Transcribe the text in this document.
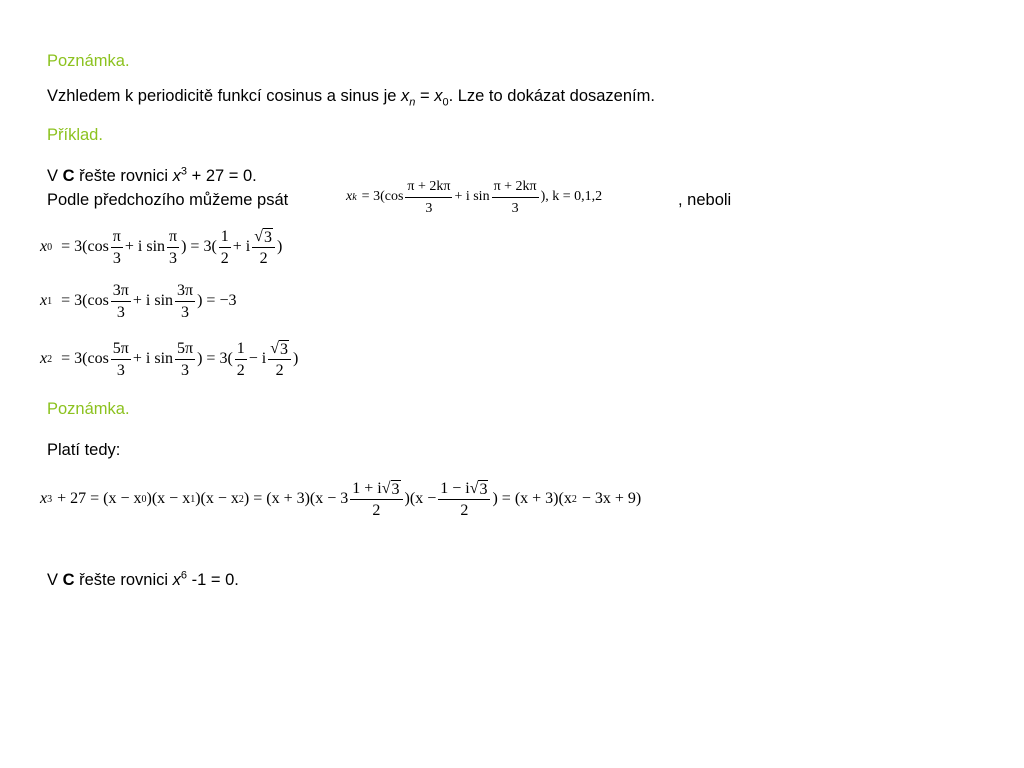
Poznámka.
Vzhledem k periodicitě funkcí cosinus a sinus je $x_n = x_0$. Lze to dokázat dosazením.
Příklad.
V C řešte rovnici $x^3 + 27 = 0$.
Podle předchozího můžeme psát	x $k = 3(\cos \frac{\pi + 2k\pi}{3} + i$ $\sin \frac{\pi + 2k\pi}{3}$ ), k = 0,1,2	, neboli
x $0 = 3(\cos \frac{\pi}{3} + i$ $\sin \frac{\pi}{3}$ ) = $3( \frac{1}{2} + i \frac{√ 3}{2}$ )
x $1 = 3(\cos \frac{3\pi}{3} + i$ $\sin \frac{3\pi}{3}$ ) = −3
x $2 = 3(\cos \frac{5\pi}{3} + i$ $\sin \frac{5\pi}{3}$ ) = $3( \frac{1}{2} - i \frac{√ 3}{2}$ )
Poznámka.
Platí tedy:
x 3 + 27 = (x − x 0 )(x − x 1 )(x − x 2 ) = $(x + 3)(x - 3 \frac{1 + i √ 3}{2} )(x - \frac{1 - i √ 3}{2}$ ) = (x + 3)(x 2 − 3x + 9)
V C řešte rovnici $x^6$ -1 = 0.
